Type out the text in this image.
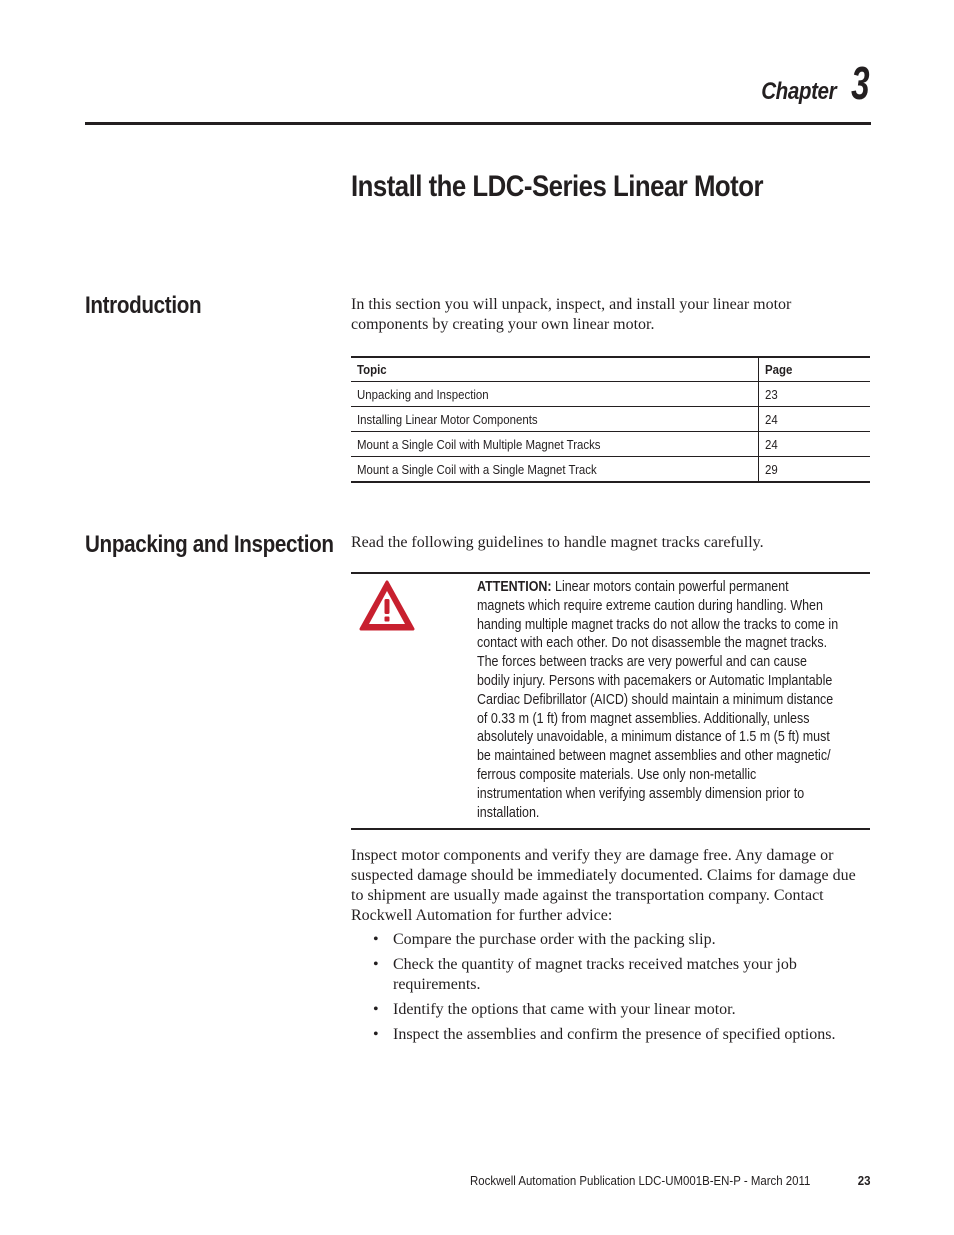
Chapter 3
Install the LDC-Series Linear Motor
Introduction	In this section you will unpack, inspect, and install your linear motor components by creating your own linear motor.

Topic	Page
Unpacking and Inspection	23
Installing Linear Motor Components	24
Mount a Single Coil with Multiple Magnet Tracks	24
Mount a Single Coil with a Single Magnet Track	29
Unpacking and Inspection Read the following guidelines to handle magnet tracks carefully.

ATTENTION: Linear motors contain powerful permanent magnets which require extreme caution during handling. When handing multiple magnet tracks do not allow the tracks to come in contact with each other. Do not disassemble the magnet tracks. The forces between tracks are very powerful and can cause bodily injury. Persons with pacemakers or Automatic Implantable Cardiac Defibrillator (AICD) should maintain a minimum distance of 0.33 m (1 ft) from magnet assemblies. Additionally, unless absolutely unavoidable, a minimum distance of 1.5 m (5 ft) must be maintained between magnet assemblies and other magnetic/ ferrous composite materials. Use only non-metallic instrumentation when verifying assembly dimension prior to installation.

Inspect motor components and verify they are damage free. Any damage or suspected damage should be immediately documented. Claims for damage due to shipment are usually made against the transportation company. Contact Rockwell Automation for further advice:

• Compare the purchase order with the packing slip.
• Check the quantity of magnet tracks received matches your job requirements.
• Identify the options that came with your linear motor.
• Inspect the assemblies and confirm the presence of specified options.
Rockwell Automation Publication LDC-UM001B-EN-P - March 2011	23
